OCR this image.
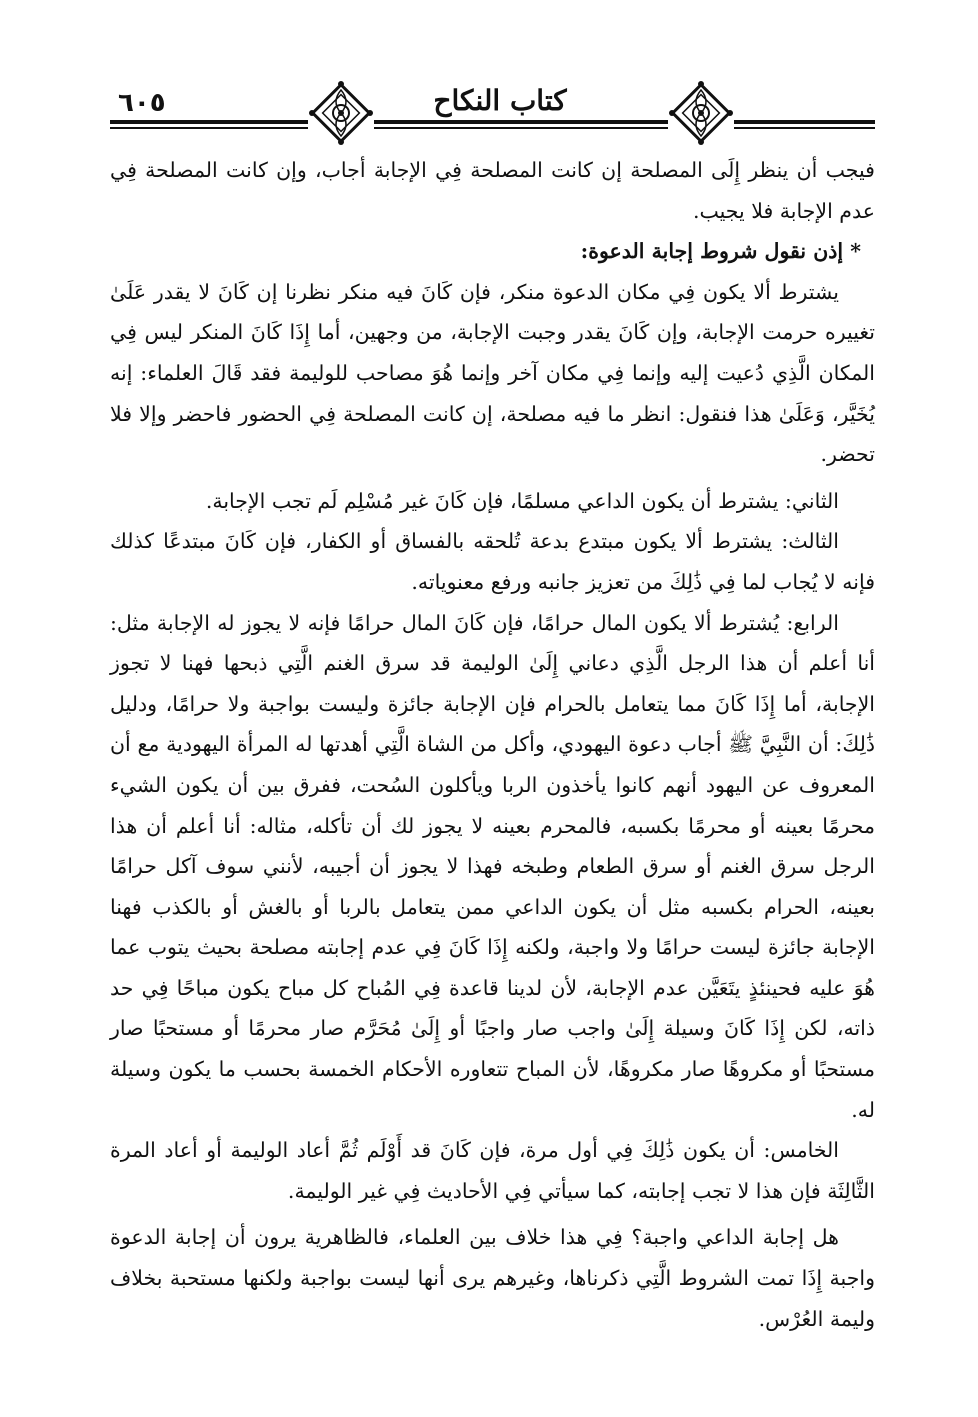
٦٠٥	كتاب النكاح

فيجب أن ينظر إِلَى المصلحة إن كانت المصلحة فِي الإجابة أجاب، وإن كانت المصلحة فِي عدم الإجابة فلا يجيب.

* إذن نقول شروط إجابة الدعوة:

يشترط ألا يكون فِي مكان الدعوة منكر، فإن كَانَ فيه منكر نظرنا إن كَانَ لا يقدر عَلَىٰ تغييره حرمت الإجابة، وإن كَانَ يقدر وجبت الإجابة، من وجهين، أما إِذَا كَانَ المنكر ليس فِي المكان الَّذِي دُعيت إليه وإنما فِي مكان آخر وإنما هُوَ مصاحب للوليمة فقد قَالَ العلماء: إنه يُخَيَّر، وَعَلَىٰ هذا فنقول: انظر ما فيه مصلحة، إن كانت المصلحة فِي الحضور فاحضر وإلا فلا تحضر.

الثاني: يشترط أن يكون الداعي مسلمًا، فإن كَانَ غير مُسْلِم لَم تجب الإجابة.

الثالث: يشترط ألا يكون مبتدع بدعة تُلحقه بالفساق أو الكفار، فإن كَانَ مبتدعًا كذلك فإنه لا يُجاب لما فِي ذَٰلِكَ من تعزيز جانبه ورفع معنوياته.

الرابع: يُشترط ألا يكون المال حرامًا، فإن كَانَ المال حرامًا فإنه لا يجوز له الإجابة مثل: أنا أعلم أن هذا الرجل الَّذِي دعاني إِلَىٰ الوليمة قد سرق الغنم الَّتِي ذبحها فهنا لا تجوز الإجابة، أما إِذَا كَانَ مما يتعامل بالحرام فإن الإجابة جائزة وليست بواجبة ولا حرامًا، ودليل ذَٰلِكَ: أن النَّبِيَّ ﷺ أجاب دعوة اليهودي، وأكل من الشاة الَّتِي أهدتها له المرأة اليهودية مع أن المعروف عن اليهود أنهم كانوا يأخذون الربا ويأكلون السُحت، ففرق بين أن يكون الشيء محرمًا بعينه أو محرمًا بكسبه، فالمحرم بعينه لا يجوز لك أن تأكله، مثاله: أنا أعلم أن هذا الرجل سرق الغنم أو سرق الطعام وطبخه فهذا لا يجوز أن أجيبه، لأنني سوف آكل حرامًا بعينه، الحرام بكسبه مثل أن يكون الداعي ممن يتعامل بالربا أو بالغش أو بالكذب فهنا الإجابة جائزة ليست حرامًا ولا واجبة، ولكنه إِذَا كَانَ فِي عدم إجابته مصلحة بحيث يتوب عما هُوَ عليه فحينئذٍ يتَعَيَّن عدم الإجابة، لأن لدينا قاعدة فِي المُباح كل مباح يكون مباحًا فِي حد ذاته، لكن إِذَا كَانَ وسيلة إِلَىٰ واجب صار واجبًا أو إِلَىٰ مُحَرَّم صار محرمًا أو مستحبًا صار مستحبًا أو مكروهًا صار مكروهًا، لأن المباح تتعاوره الأحكام الخمسة بحسب ما يكون وسيلة له.

الخامس: أن يكون ذَٰلِكَ فِي أول مرة، فإن كَانَ قد أَوْلَم ثُمَّ أعاد الوليمة أو أعاد المرة الثَّالِثَة فإن هذا لا تجب إجابته، كما سيأتي فِي الأحاديث فِي غير الوليمة.

هل إجابة الداعي واجبة؟ فِي هذا خلاف بين العلماء، فالظاهرية يرون أن إجابة الدعوة واجبة إِذَا تمت الشروط الَّتِي ذكرناها، وغيرهم يرى أنها ليست بواجبة ولكنها مستحبة بخلاف وليمة العُرْس.
